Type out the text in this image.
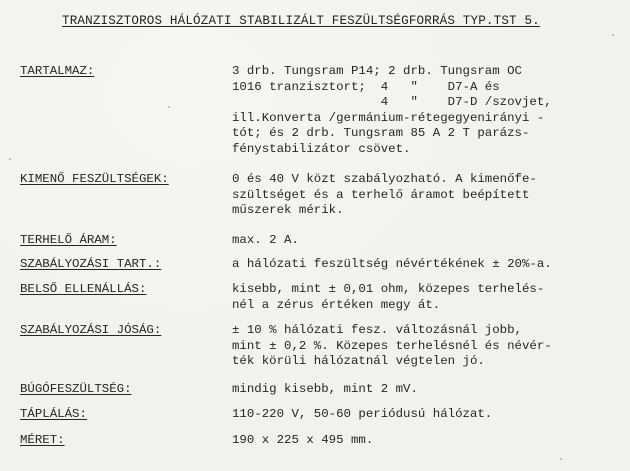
TRANZISZTOROS HÁLÓZATI STABILIZÁLT FESZÜLTSÉGFORRÁS TYP.TST 5.
TARTALMAZ:	3 drb. Tungsram P14; 2 drb. Tungsram OC
1016 tranzisztort;  4   "    D7-A és
4   "    D7-D /szovjet,
ill.Konverta /germánium-rétegegyenirányi -
tót; és 2 drb. Tungsram 85 A 2 T parázs-
fénystabilizátor csövet.
KIMENŐ FESZÜLTSÉGEK:	0 és 40 V közt szabályozható. A kimenőfe-
szültséget és a terhelő áramot beépített
műszerek mérik.
TERHELŐ ÁRAM:	max. 2 A.
SZABÁLYOZÁSI TART.:	a hálózati feszültség névértékének ± 20%-a.
BELSŐ ELLENÁLLÁS:	kisebb, mint ± 0,01 ohm, közepes terhelés-
nél a zérus értéken megy át.
SZABÁLYOZÁSI JÓSÁG:	± 10 % hálózati fesz. változásnál jobb,
mint ± 0,2 %. Közepes terhelésnél és névér-
ték körüli hálózatnál végtelen jó.
BÚGÓFESZÜLTSÉG:	mindig kisebb, mint 2 mV.
TÁPLÁLÁS:	110-220 V, 50-60 periódusú hálózat.
MÉRET:	190 x 225 x 495 mm.
